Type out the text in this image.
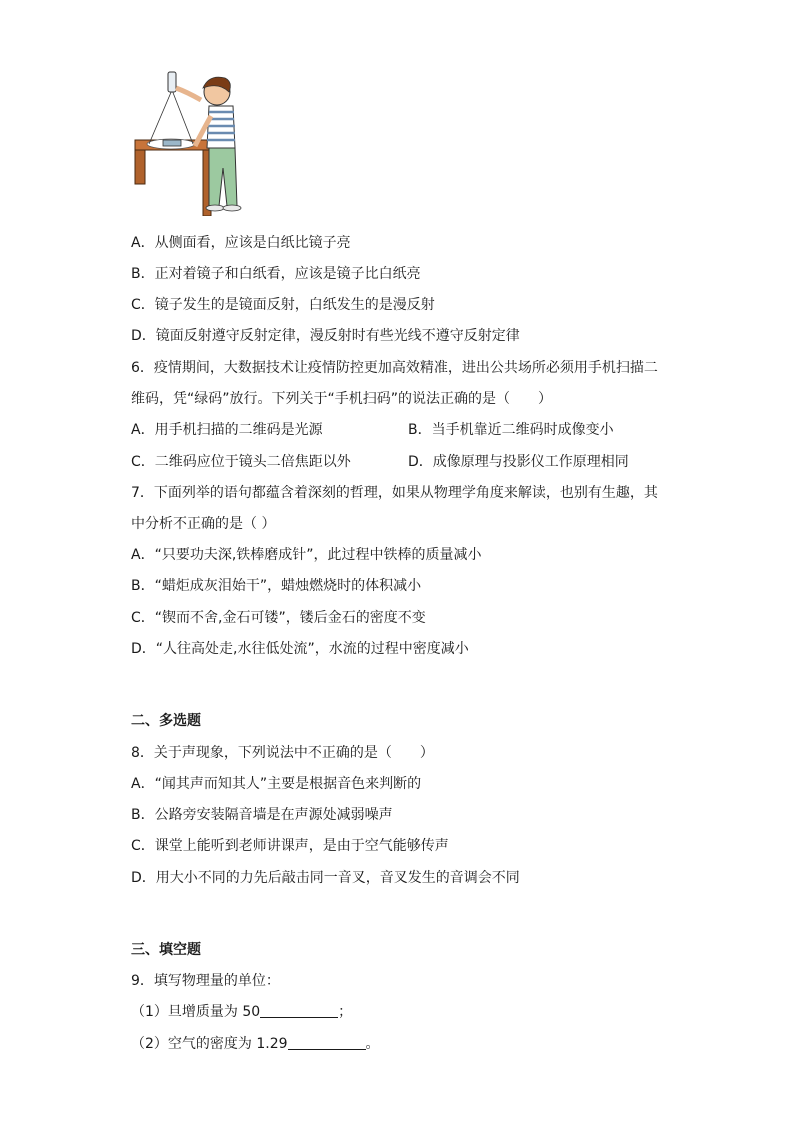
A．从侧面看，应该是白纸比镜子亮
B．正对着镜子和白纸看，应该是镜子比白纸亮
C．镜子发生的是镜面反射，白纸发生的是漫反射
D．镜面反射遵守反射定律，漫反射时有些光线不遵守反射定律
6．疫情期间，大数据技术让疫情防控更加高效精准，进出公共场所必须用手机扫描二
维码，凭“绿码”放行。下列关于“手机扫码”的说法正确的是（　　）
A．用手机扫描的二维码是光源	B．当手机靠近二维码时成像变小
C．二维码应位于镜头二倍焦距以外	D．成像原理与投影仪工作原理相同
7．下面列举的语句都蕴含着深刻的哲理，如果从物理学角度来解读，也别有生趣，其
中分析不正确的是（ ）
A．“只要功夫深,铁棒磨成针”，此过程中铁棒的质量减小
B．“蜡炬成灰泪始干”，蜡烛燃烧时的体积减小
C．“锲而不舍,金石可镂”，镂后金石的密度不变
D．“人往高处走,水往低处流”，水流的过程中密度减小
二、多选题
8．关于声现象，下列说法中不正确的是（　　）
A．“闻其声而知其人”主要是根据音色来判断的
B．公路旁安装隔音墙是在声源处减弱噪声
C．课堂上能听到老师讲课声，是由于空气能够传声
D．用大小不同的力先后敲击同一音叉，音叉发生的音调会不同
三、填空题
9．填写物理量的单位：
（1）旦增质量为 50	；
（2）空气的密度为 1.29	。
